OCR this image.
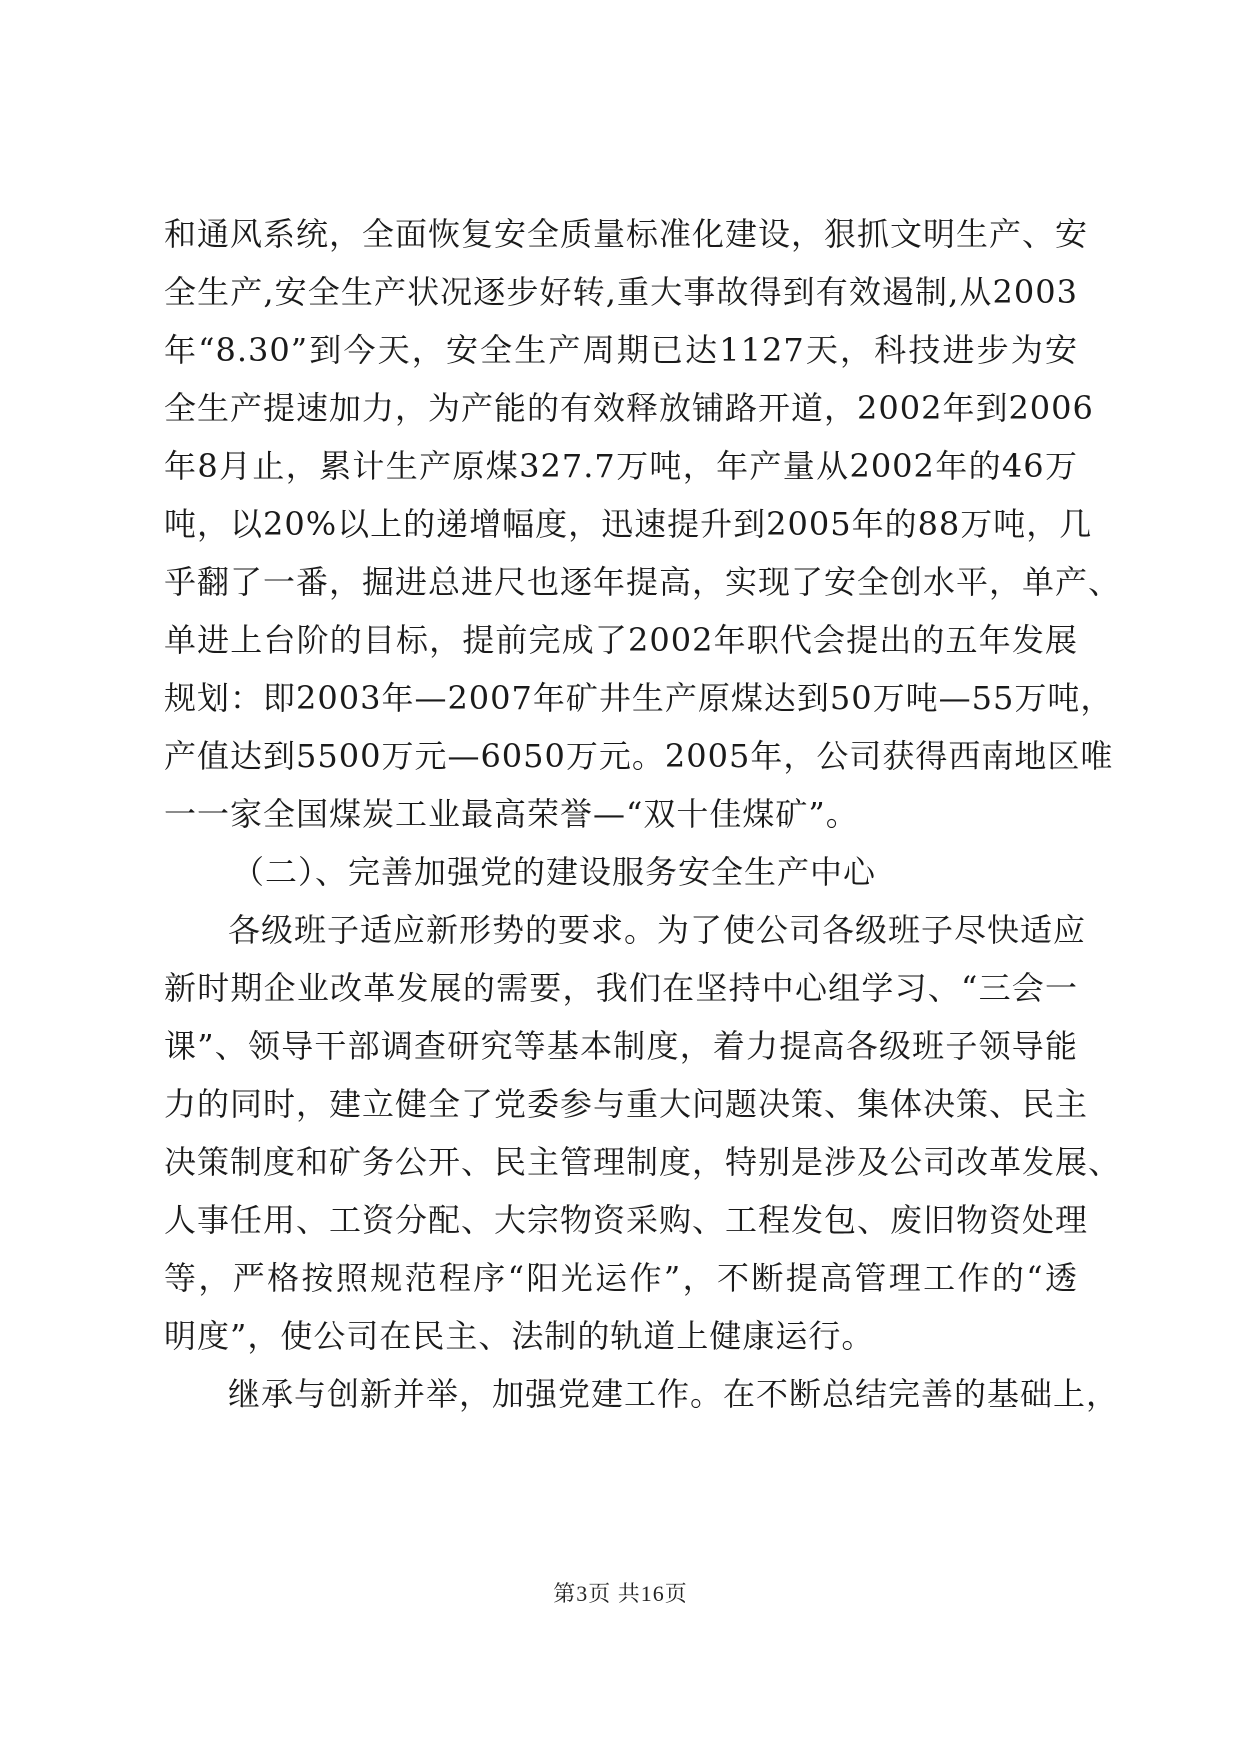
和通风系统，全面恢复安全质量标准化建设，狠抓文明生产、安
全生产,安全生产状况逐步好转,重大事故得到有效遏制,从2003
年“8.30”到今天，安全生产周期已达1127天，科技进步为安
全生产提速加力，为产能的有效释放铺路开道，2002年到2006
年8月止，累计生产原煤327.7万吨，年产量从2002年的46万
吨，以20%以上的递增幅度，迅速提升到2005年的88万吨，几
乎翻了一番，掘进总进尺也逐年提高，实现了安全创水平，单产、
单进上台阶的目标，提前完成了2002年职代会提出的五年发展
规划：即2003年—2007年矿井生产原煤达到50万吨—55万吨，
产值达到5500万元—6050万元。2005年，公司获得西南地区唯
一一家全国煤炭工业最高荣誉—“双十佳煤矿”。
（二）、完善加强党的建设服务安全生产中心
各级班子适应新形势的要求。为了使公司各级班子尽快适应
新时期企业改革发展的需要，我们在坚持中心组学习、“三会一
课”、领导干部调查研究等基本制度，着力提高各级班子领导能
力的同时，建立健全了党委参与重大问题决策、集体决策、民主
决策制度和矿务公开、民主管理制度，特别是涉及公司改革发展、
人事任用、工资分配、大宗物资采购、工程发包、废旧物资处理
等，严格按照规范程序“阳光运作”，不断提高管理工作的“透
明度”，使公司在民主、法制的轨道上健康运行。
继承与创新并举，加强党建工作。在不断总结完善的基础上，
第3页 共16页
